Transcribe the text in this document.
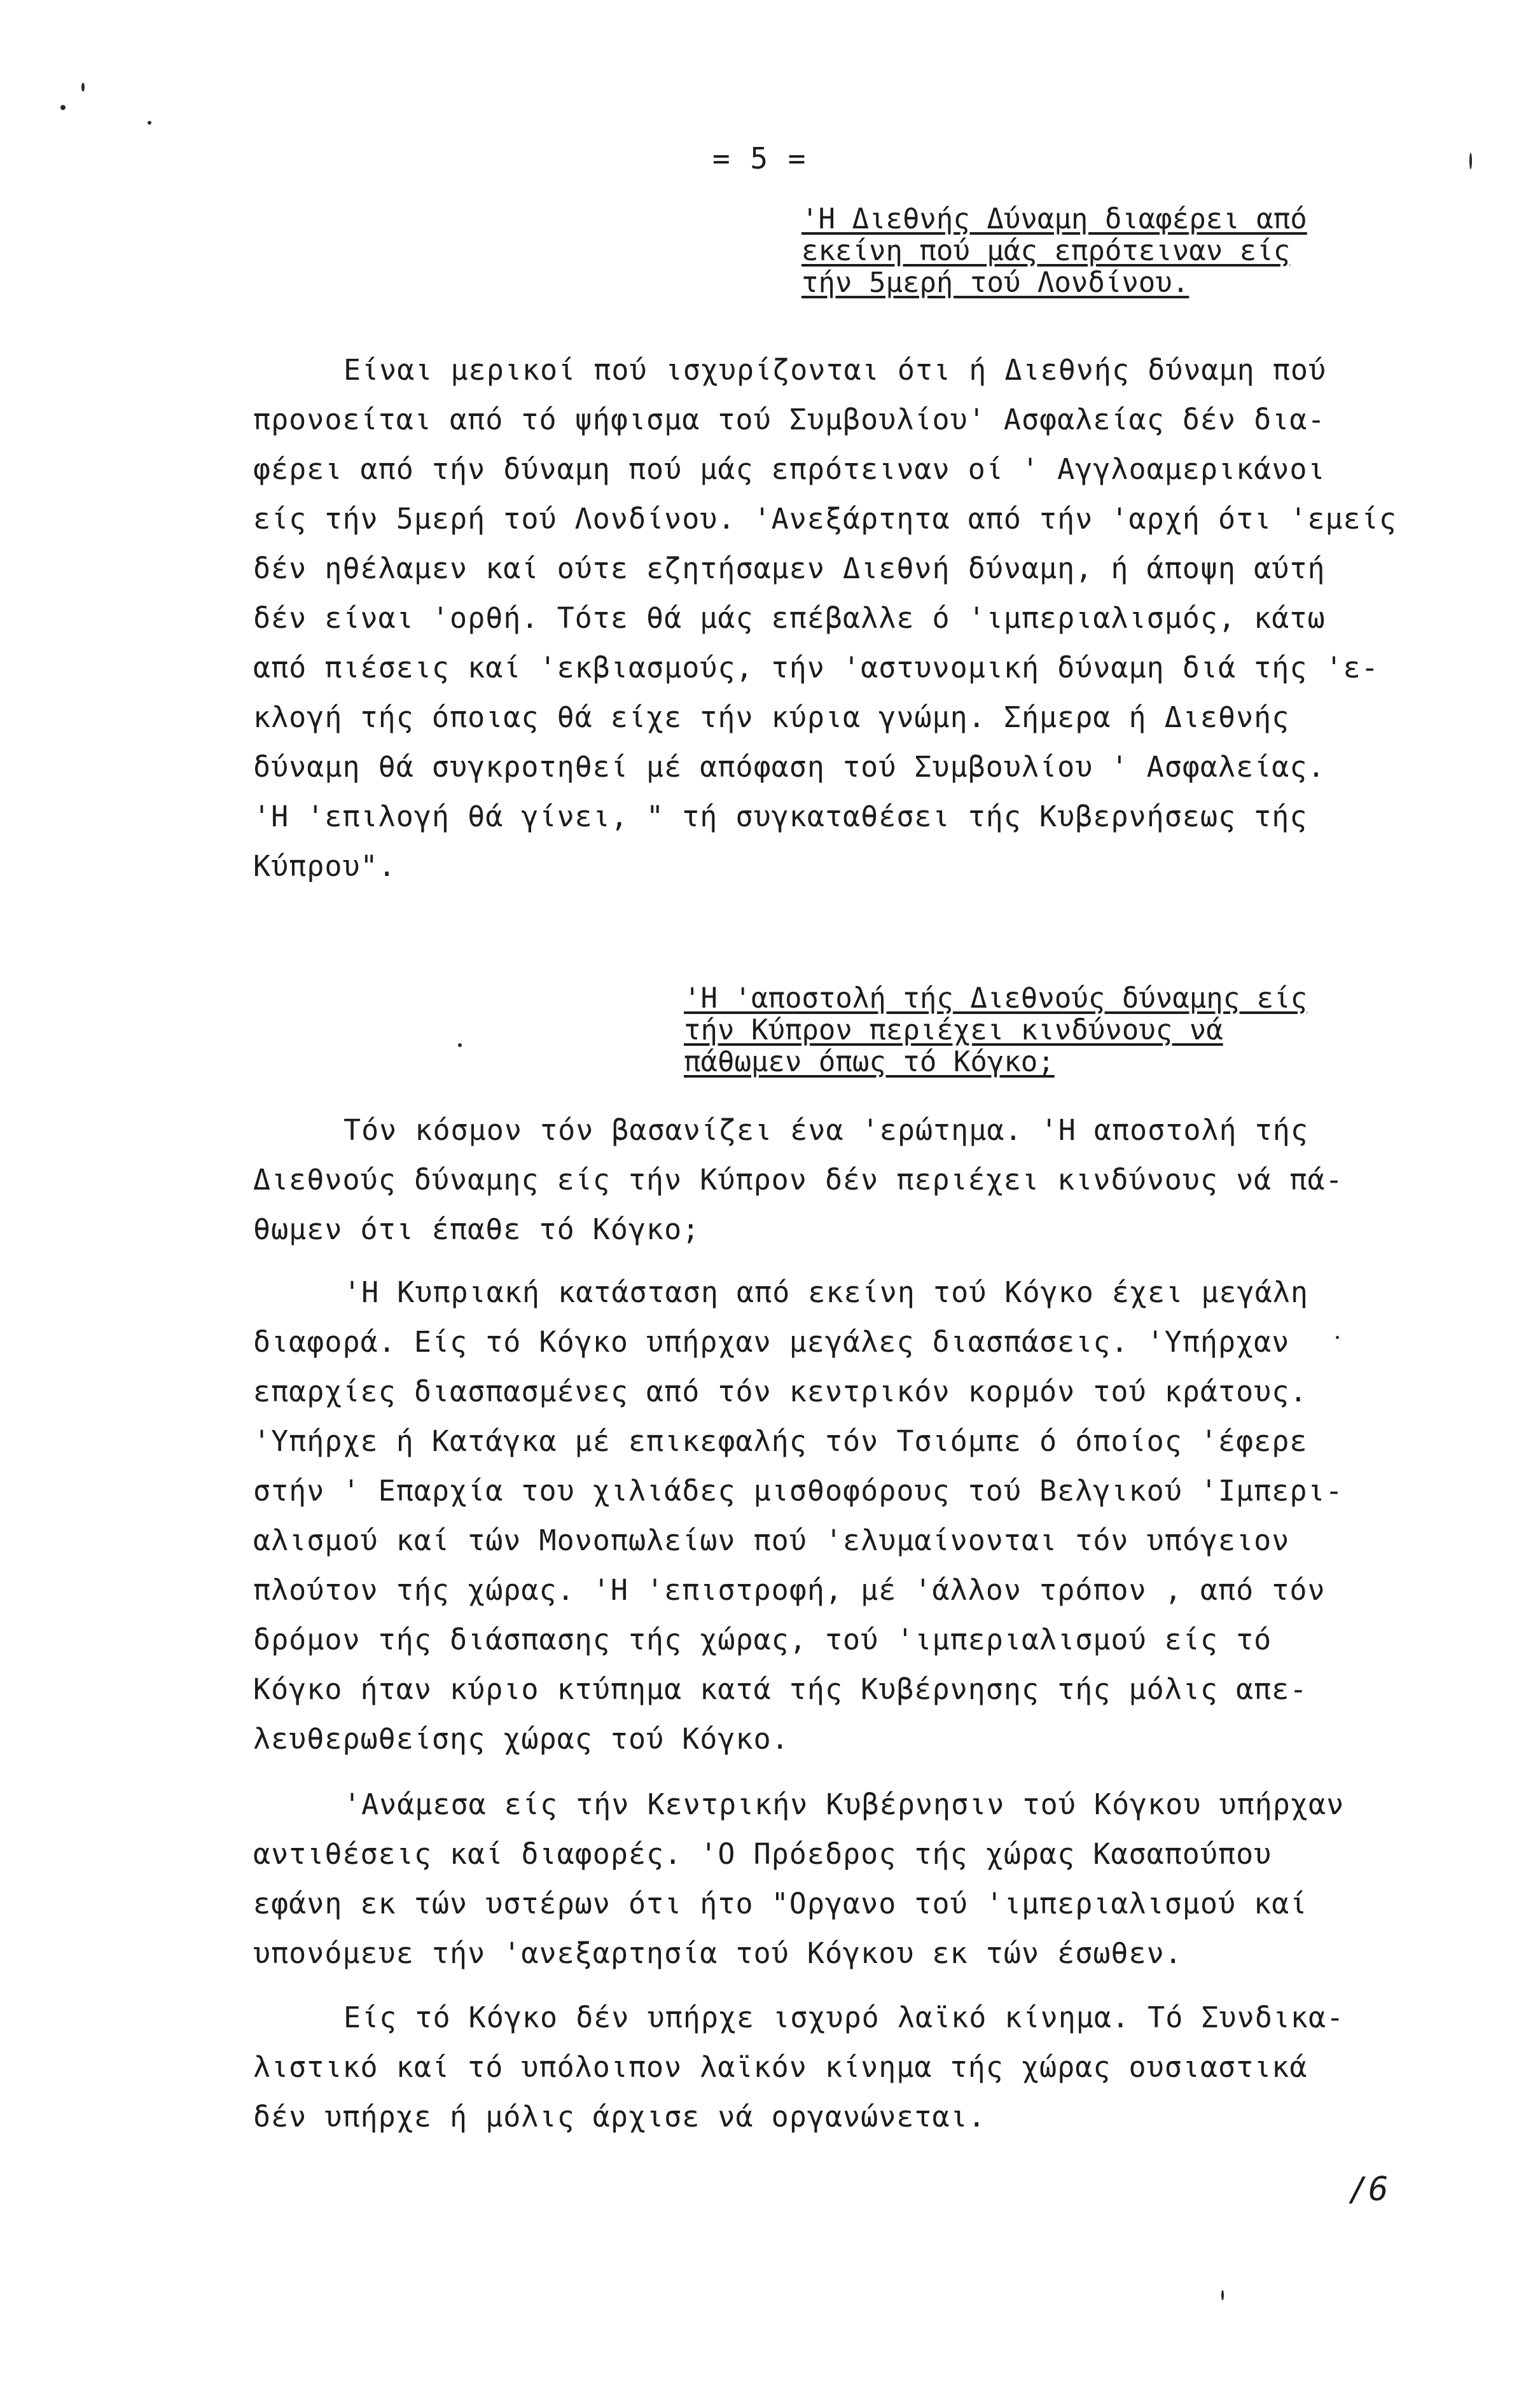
= 5 =
'Η Διεθνής Δύναμη διαφέρει από
εκείνη πού μάς επρότειναν είς
τήν 5μερή τού Λονδίνου.
Είναι μερικοί πού ισχυρίζονται ότι ή Διεθνής δύναμη πού
προνοείται από τό ψήφισμα τού Συμβουλίου' Ασφαλείας δέν δια-
φέρει από τήν δύναμη πού μάς επρότειναν οί ' Αγγλοαμερικάνοι
είς τήν 5μερή τού Λονδίνου. 'Ανεξάρτητα από τήν 'αρχή ότι 'εμείς
δέν ηθέλαμεν καί ούτε εζητήσαμεν Διεθνή δύναμη, ή άποψη αύτή
δέν είναι 'ορθή. Τότε θά μάς επέβαλλε ό 'ιμπεριαλισμός, κάτω
από πιέσεις καί 'εκβιασμούς, τήν 'αστυνομική δύναμη διά τής 'ε-
κλογή τής όποιας θά είχε τήν κύρια γνώμη. Σήμερα ή Διεθνής
δύναμη θά συγκροτηθεί μέ απόφαση τού Συμβουλίου ' Ασφαλείας.
'Η 'επιλογή θά γίνει, " τή συγκαταθέσει τής Κυβερνήσεως τής
Κύπρου".
'Η 'αποστολή τής Διεθνούς δύναμης είς
τήν Κύπρον περιέχει κινδύνους νά
πάθωμεν όπως τό Κόγκο;
Τόν κόσμον τόν βασανίζει ένα 'ερώτημα. 'Η αποστολή τής
Διεθνούς δύναμης είς τήν Κύπρον δέν περιέχει κινδύνους νά πά-
θωμεν ότι έπαθε τό Κόγκο;
'Η Κυπριακή κατάσταση από εκείνη τού Κόγκο έχει μεγάλη
διαφορά. Είς τό Κόγκο υπήρχαν μεγάλες διασπάσεις. 'Υπήρχαν
επαρχίες διασπασμένες από τόν κεντρικόν κορμόν τού κράτους.
'Υπήρχε ή Κατάγκα μέ επικεφαλής τόν Τσιόμπε ό όποίος 'έφερε
στήν ' Επαρχία του χιλιάδες μισθοφόρους τού Βελγικού 'Ιμπερι-
αλισμού καί τών Μονοπωλείων πού 'ελυμαίνονται τόν υπόγειον
πλούτον τής χώρας. 'Η 'επιστροφή, μέ 'άλλον τρόπον , από τόν
δρόμον τής διάσπασης τής χώρας, τού 'ιμπεριαλισμού είς τό
Κόγκο ήταν κύριο κτύπημα κατά τής Κυβέρνησης τής μόλις απε-
λευθερωθείσης χώρας τού Κόγκο.
'Ανάμεσα είς τήν Κεντρικήν Κυβέρνησιν τού Κόγκου υπήρχαν
αντιθέσεις καί διαφορές. 'Ο Πρόεδρος τής χώρας Κασαπούπου
εφάνη εκ τών υστέρων ότι ήτο "Οργανο τού 'ιμπεριαλισμού καί
υπονόμευε τήν 'ανεξαρτησία τού Κόγκου εκ τών έσωθεν.
Είς τό Κόγκο δέν υπήρχε ισχυρό λαϊκό κίνημα. Τό Συνδικα-
λιστικό καί τό υπόλοιπον λαϊκόν κίνημα τής χώρας ουσιαστικά
δέν υπήρχε ή μόλις άρχισε νά οργανώνεται.
/6
